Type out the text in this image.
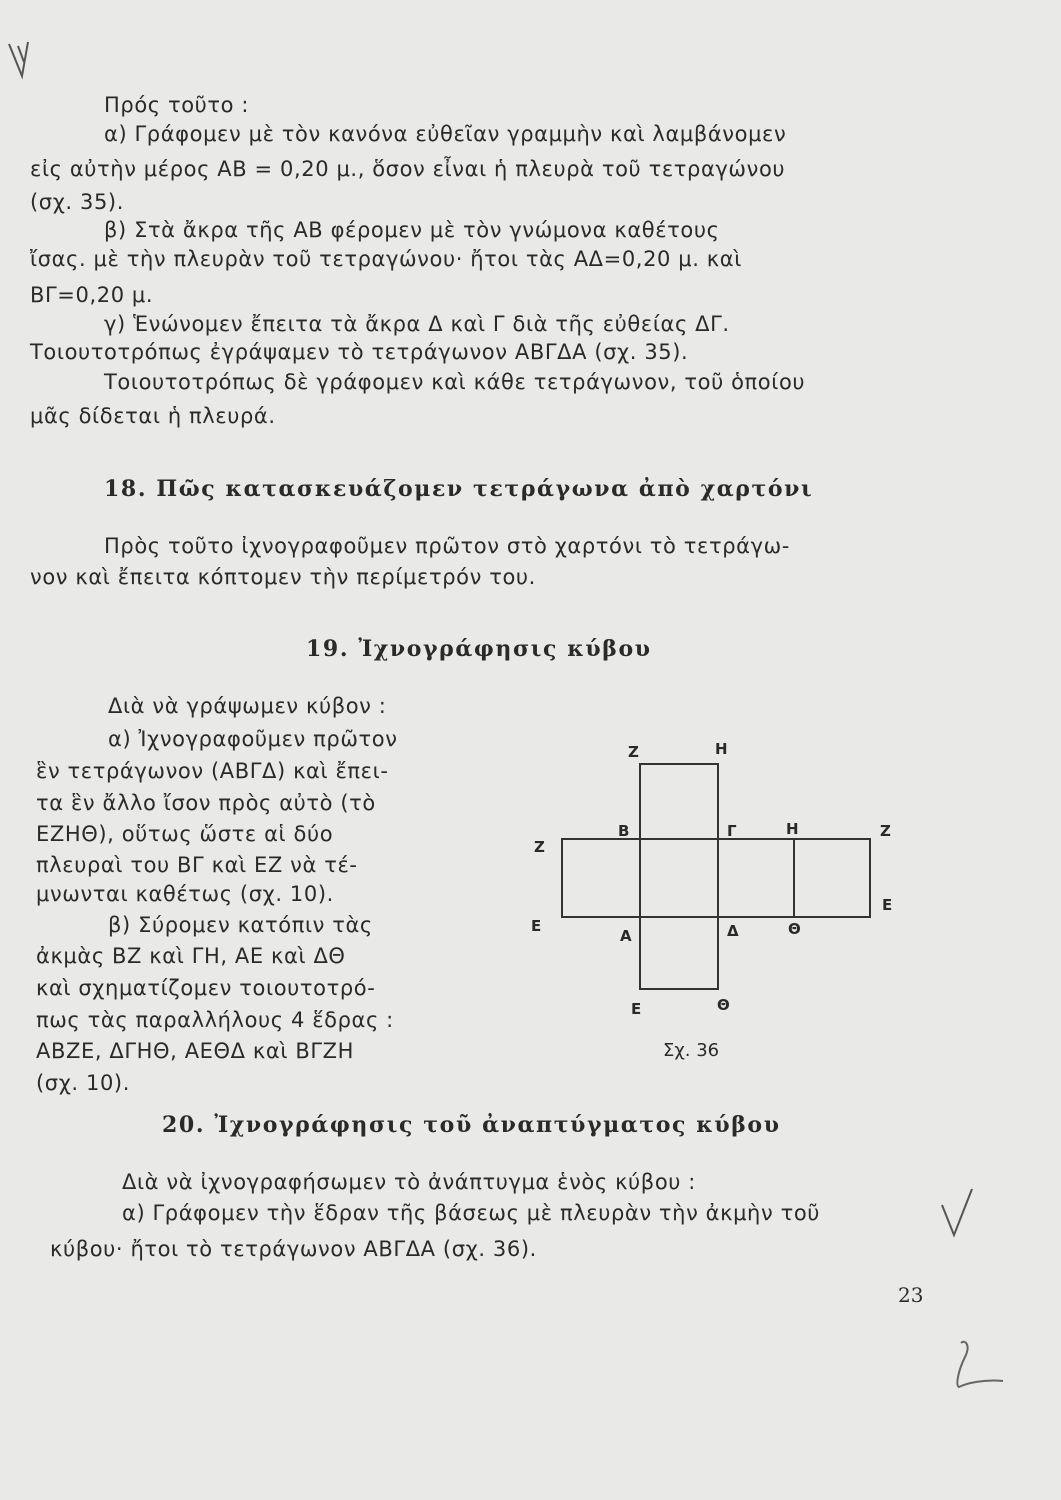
Πρός τοῦτο :
α) Γράφομεν μὲ τὸν κανόνα εὐθεῖαν γραμμὴν καὶ λαμβάνομεν
εἰς αὐτὴν μέρος ΑΒ = 0,20 μ., ὅσον εἶναι ἡ πλευρὰ τοῦ τετραγώνου
(σχ. 35).
β) Στὰ ἄκρα τῆς ΑΒ φέρομεν μὲ τὸν γνώμονα καθέτους
ἴσας. μὲ τὴν πλευρὰν τοῦ τετραγώνου· ἤτοι τὰς ΑΔ=0,20 μ. καὶ
ΒΓ=0,20 μ.
γ) Ἑνώνομεν ἔπειτα τὰ ἄκρα Δ καὶ Γ διὰ τῆς εὐθείας ΔΓ.
Τοιουτοτρόπως ἐγράψαμεν τὸ τετράγωνον ΑΒΓΔΑ (σχ. 35).
Τοιουτοτρόπως δὲ γράφομεν καὶ κάθε τετράγωνον, τοῦ ὁποίου
μᾶς δίδεται ἡ πλευρά.
18. Πῶς κατασκευάζομεν τετράγωνα ἀπὸ χαρτόνι
Πρὸς τοῦτο ἰχνογραφοῦμεν πρῶτον στὸ χαρτόνι τὸ τετράγω-
νον καὶ ἔπειτα κόπτομεν τὴν περίμετρόν του.
19. Ἰχνογράφησις κύβου
Διὰ νὰ γράψωμεν κύβον :
α) Ἰχνογραφοῦμεν πρῶτον
ἓν τετράγωνον (ΑΒΓΔ) καὶ ἔπει-
τα ἓν ἄλλο ἴσον πρὸς αὐτὸ (τὸ
ΕΖΗΘ), οὕτως ὥστε αἱ δύο
πλευραὶ του ΒΓ καὶ ΕΖ νὰ τέ-
μνωνται καθέτως (σχ. 10).
β) Σύρομεν κατόπιν τὰς
ἀκμὰς ΒΖ καὶ ΓΗ, ΑΕ καὶ ΔΘ
καὶ σχηματίζομεν τοιουτοτρό-
πως τὰς παραλλήλους 4 ἕδρας :
ΑΒΖΕ, ΔΓΗΘ, ΑΕΘΔ καὶ ΒΓΖΗ
(σχ. 10).
Z	H
Z
E
B	Γ	H	Z
A	Δ	Θ
E
E	Θ
Σχ. 36
20. Ἰχνογράφησις τοῦ ἀναπτύγματος κύβου
Διὰ νὰ ἰχνογραφήσωμεν τὸ ἀνάπτυγμα ἑνὸς κύβου :
α) Γράφομεν τὴν ἕδραν τῆς βάσεως μὲ πλευρὰν τὴν ἀκμὴν τοῦ
κύβου· ἤτοι τὸ τετράγωνον ΑΒΓΔΑ (σχ. 36).
23
